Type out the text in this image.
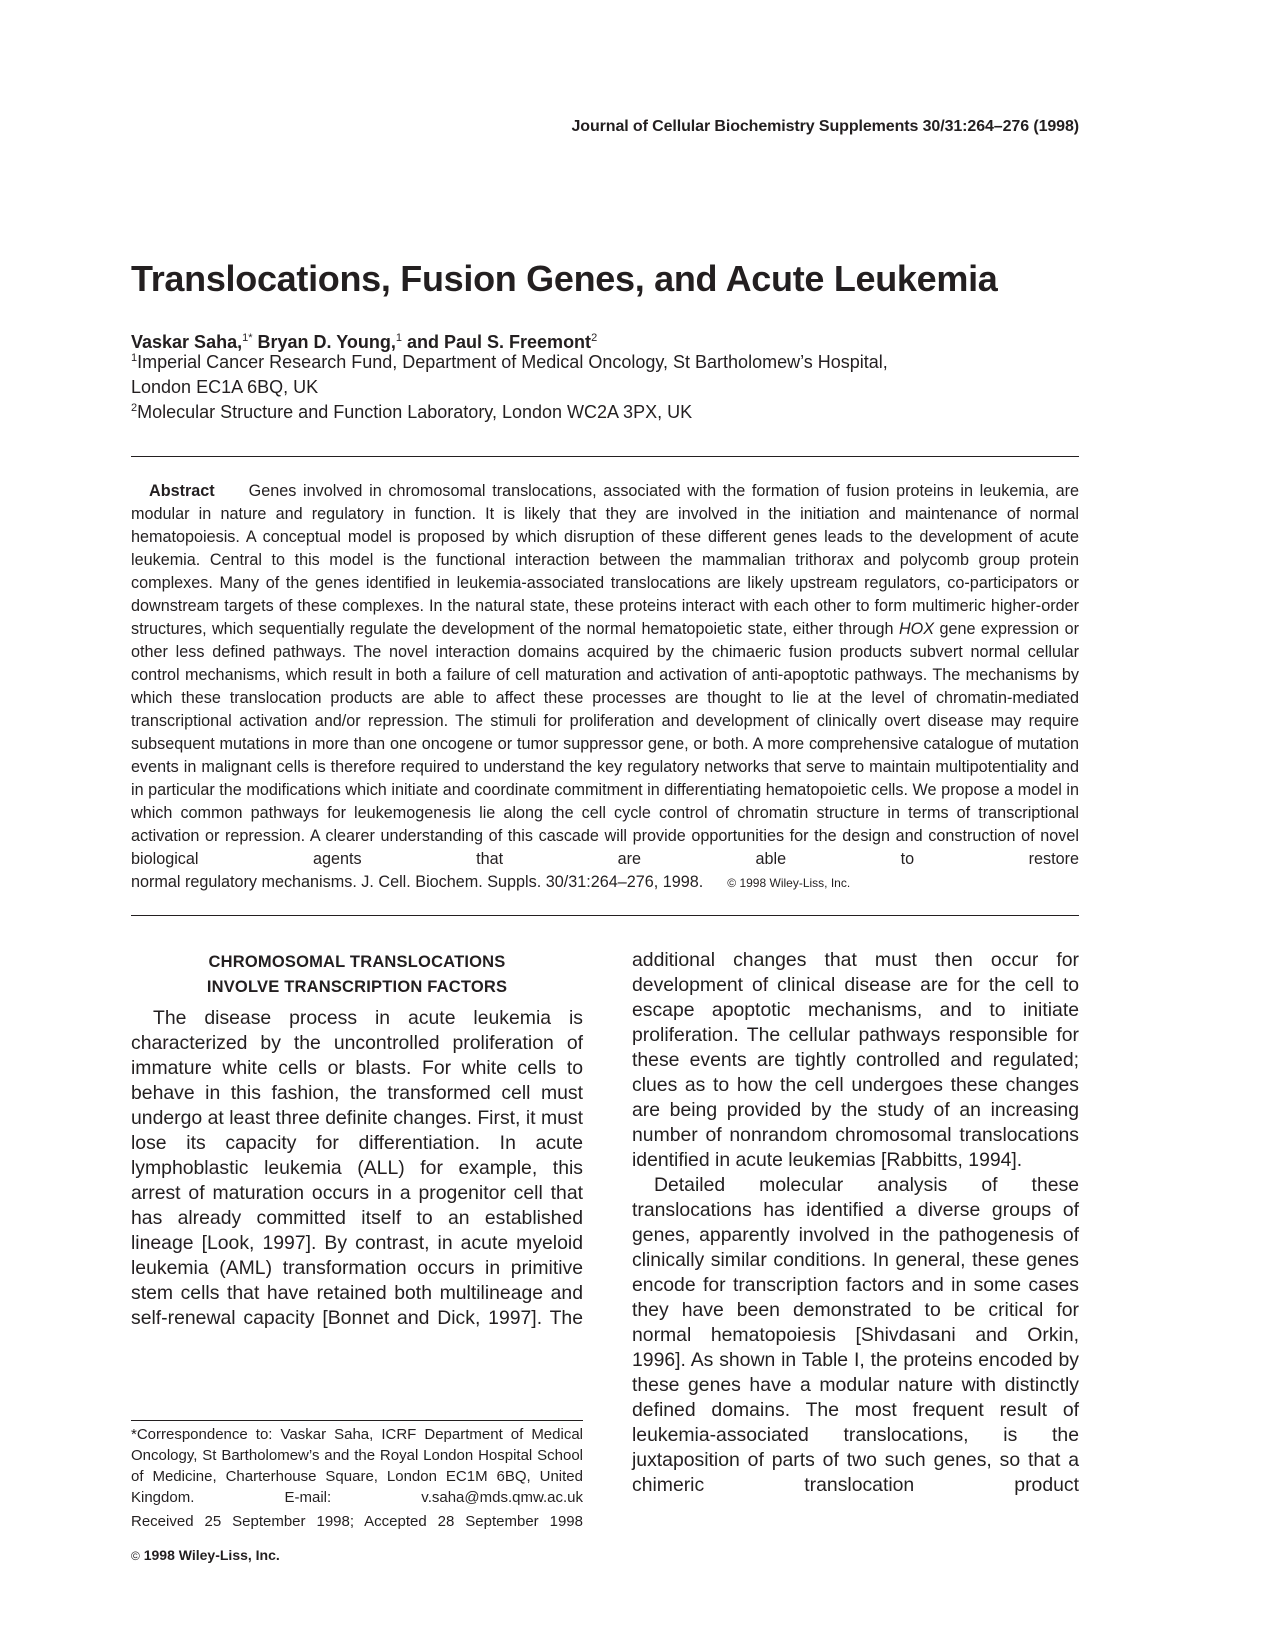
Journal of Cellular Biochemistry Supplements 30/31:264–276 (1998)
Translocations, Fusion Genes, and Acute Leukemia
Vaskar Saha,$^{1*}$ Bryan D. Young,$^1$ and Paul S. Freemont$^2$
$^1$Imperial Cancer Research Fund, Department of Medical Oncology, St Bartholomew’s Hospital,
London EC1A 6BQ, UK
$^2$Molecular Structure and Function Laboratory, London WC2A 3PX, UK

Abstract Genes involved in chromosomal translocations, associated with the formation of fusion proteins in leukemia, are modular in nature and regulatory in function. It is likely that they are involved in the initiation and maintenance of normal hematopoiesis. A conceptual model is proposed by which disruption of these different genes leads to the development of acute leukemia. Central to this model is the functional interaction between the mammalian trithorax and polycomb group protein complexes. Many of the genes identified in leukemia-associated translocations are likely upstream regulators, co-participators or downstream targets of these complexes. In the natural state, these proteins interact with each other to form multimeric higher-order structures, which sequentially regulate the development of the normal hematopoietic state, either through HOX gene expression or other less defined pathways. The novel interaction domains acquired by the chimaeric fusion products subvert normal cellular control mechanisms, which result in both a failure of cell maturation and activation of anti-apoptotic pathways. The mechanisms by which these translocation products are able to affect these processes are thought to lie at the level of chromatin-mediated transcriptional activation and/or repression. The stimuli for proliferation and development of clinically overt disease may require subsequent mutations in more than one oncogene or tumor suppressor gene, or both. A more comprehensive catalogue of mutation events in malignant cells is therefore required to understand the key regulatory networks that serve to maintain multipotentiality and in particular the modifications which initiate and coordinate commitment in differentiating hematopoietic cells. We propose a model in which common pathways for leukemogenesis lie along the cell cycle control of chromatin structure in terms of transcriptional activation or repression. A clearer understanding of this cascade will provide opportunities for the design and construction of novel biological agents that are able to restore

normal regulatory mechanisms. J. Cell. Biochem. Suppls. 30/31:264–276, 1998. © 1998 Wiley-Liss, Inc.

CHROMOSOMAL TRANSLOCATIONS
INVOLVE TRANSCRIPTION FACTORS

The disease process in acute leukemia is characterized by the uncontrolled proliferation of immature white cells or blasts. For white cells to behave in this fashion, the transformed cell must undergo at least three definite changes. First, it must lose its capacity for differentiation. In acute lymphoblastic leukemia (ALL) for example, this arrest of maturation occurs in a progenitor cell that has already committed itself to an established lineage [Look, 1997]. By contrast, in acute myeloid leukemia (AML) transformation occurs in primitive stem cells that have retained both multilineage and self-renewal capacity [Bonnet and Dick, 1997]. The

additional changes that must then occur for development of clinical disease are for the cell to escape apoptotic mechanisms, and to initiate proliferation. The cellular pathways responsible for these events are tightly controlled and regulated; clues as to how the cell undergoes these changes are being provided by the study of an increasing number of nonrandom chromosomal translocations identified in acute leukemias [Rabbitts, 1994].

Detailed molecular analysis of these translocations has identified a diverse groups of genes, apparently involved in the pathogenesis of clinically similar conditions. In general, these genes encode for transcription factors and in some cases they have been demonstrated to be critical for normal hematopoiesis [Shivdasani and Orkin, 1996]. As shown in Table I, the proteins encoded by these genes have a modular nature with distinctly defined domains. The most frequent result of leukemia-associated translocations, is the juxtaposition of parts of two such genes, so that a chimeric translocation product

*Correspondence to: Vaskar Saha, ICRF Department of Medical Oncology, St Bartholomew’s and the Royal London Hospital School of Medicine, Charterhouse Square, London EC1M 6BQ, United Kingdom. E-mail: v.saha@mds.qmw.ac.uk

Received 25 September 1998; Accepted 28 September 1998

© 1998 Wiley-Liss, Inc.
